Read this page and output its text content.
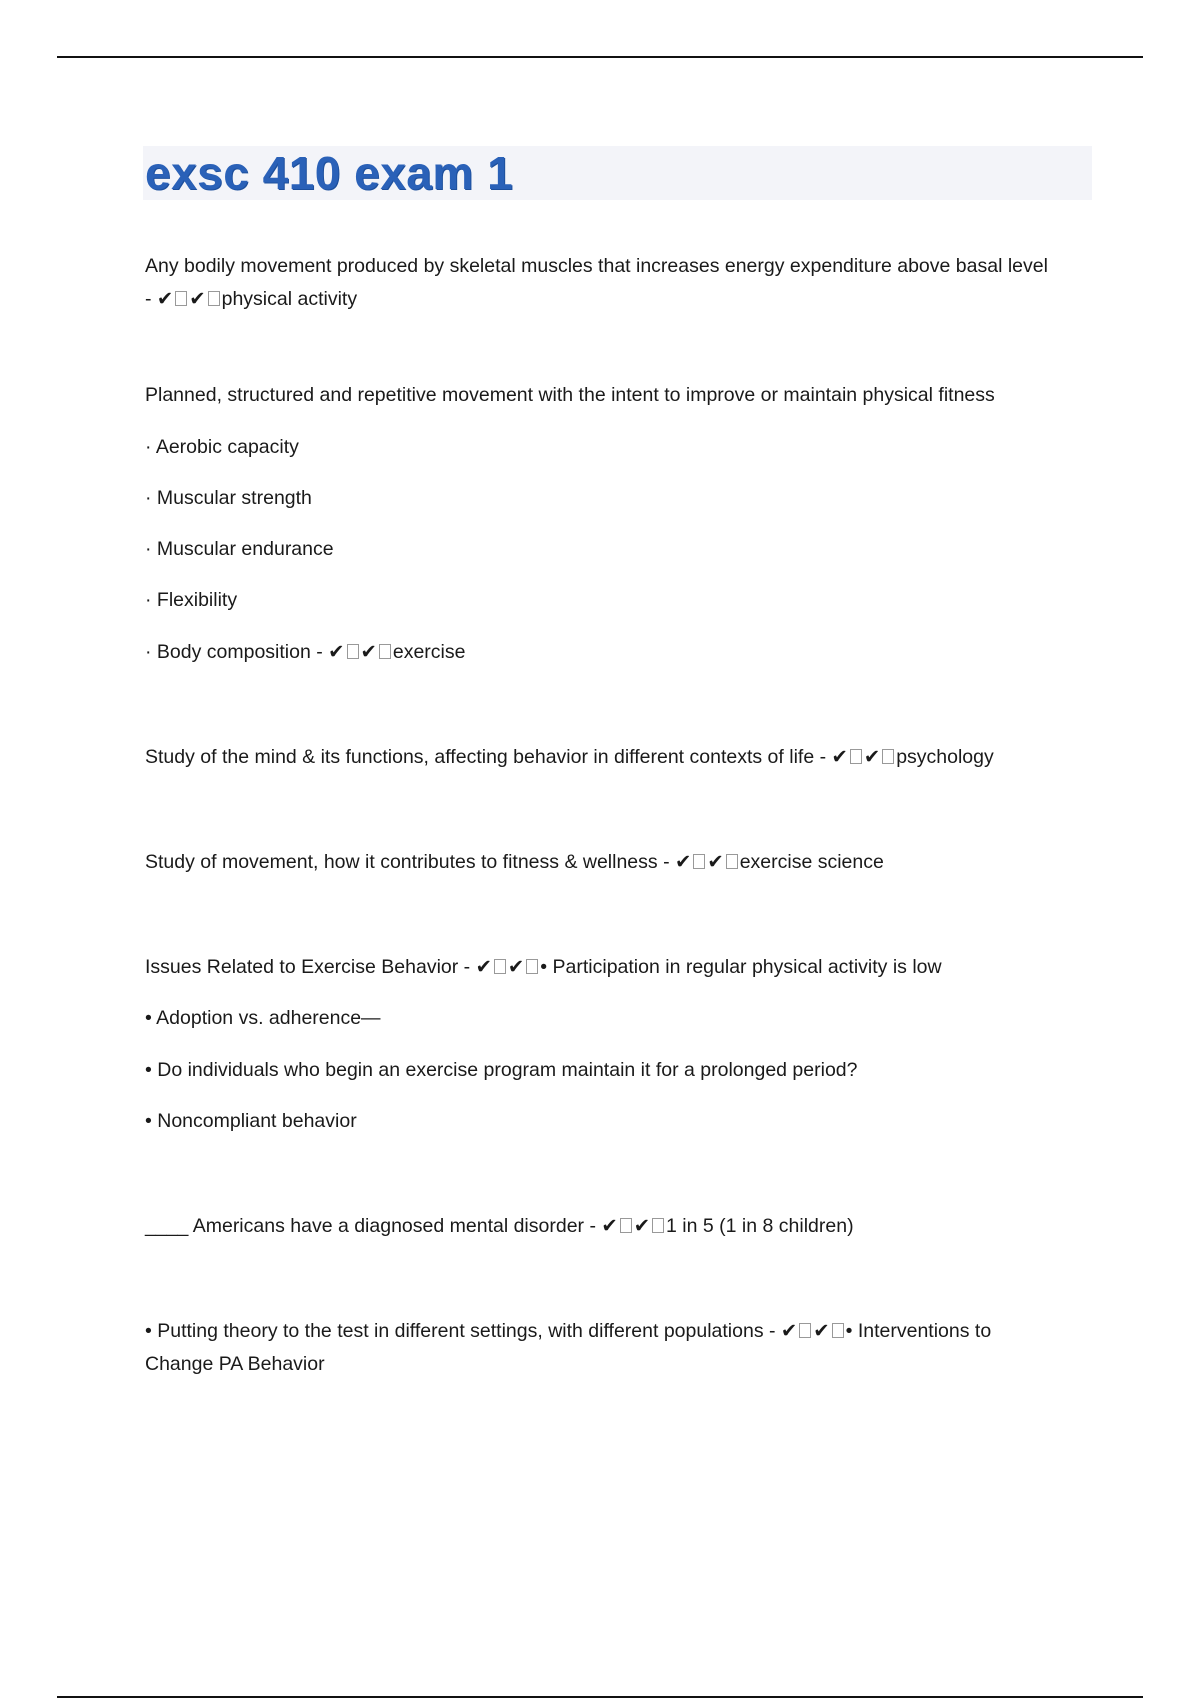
exsc 410 exam 1

Any bodily movement produced by skeletal muscles that increases energy expenditure above basal level

- ✔ ✔ physical activity

Planned, structured and repetitive movement with the intent to improve or maintain physical fitness

· Aerobic capacity

· Muscular strength

· Muscular endurance

· Flexibility

· Body composition - ✔ ✔ exercise

Study of the mind & its functions, affecting behavior in different contexts of life - ✔ ✔ psychology

Study of movement, how it contributes to fitness & wellness - ✔ ✔ exercise science

Issues Related to Exercise Behavior - ✔ ✔ • Participation in regular physical activity is low

• Adoption vs. adherence—

• Do individuals who begin an exercise program maintain it for a prolonged period?

• Noncompliant behavior

____ Americans have a diagnosed mental disorder - ✔ ✔ 1 in 5 (1 in 8 children)

• Putting theory to the test in different settings, with different populations - ✔ ✔ • Interventions to

Change PA Behavior
